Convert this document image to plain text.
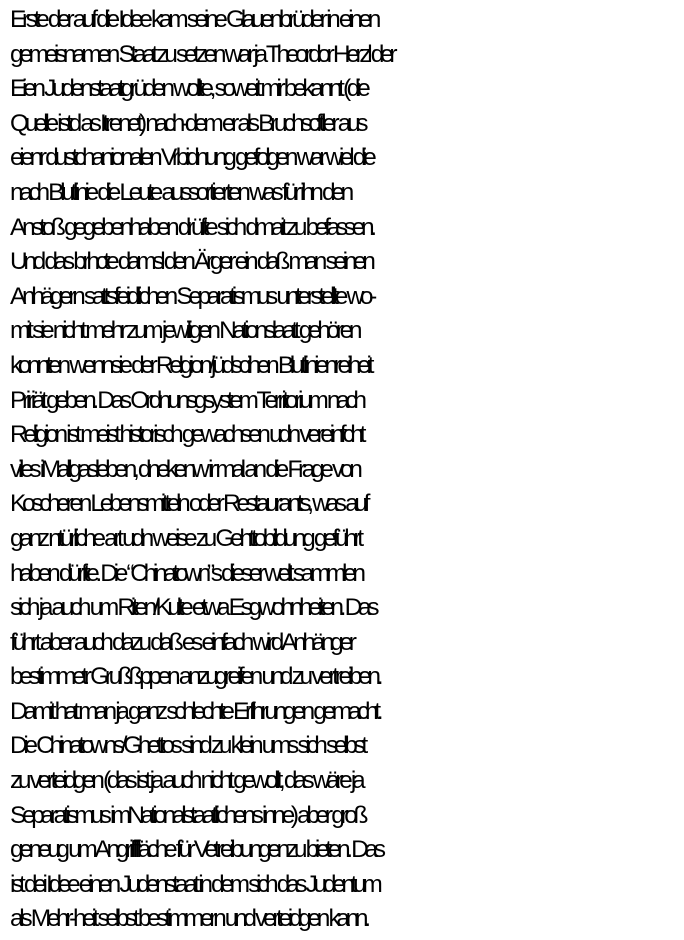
Erste der auf die Idee kam seine Glauenbrüder in einen
gemeisnamen Staat zu setzen war ja Theordor Herzl der
Eien Judenstaatgrüden wollte, soweit mir bekannt (die
Quelle istd as Itrenet) nach-dem er als Bruchscftler aus
eienr dustchanionalen Vrbidnung gefolgen war wiel die
nach Blutlinie die Leute aussortierten was für ihn den
Anstoß gegebenhaben drüfte sich dmait zu befassen.
Und das brhcte damsl den Ärger ein daß man seinen
Anhägern sattsfeidlichen Separatismus unterstellte wo-
mit sie nicht mehr zum jewiligen Nationslaatt gehören
konnten wennsie der Relgion/jüdscihen Blutlinienreiheit
Pririät geben. Das Ordnunsgsystem Territorium nach
Religion ist meist historisch gewachsen udn vereinfcht
viles iMallgasleben, dnekenw ir mal an die Frage von
Koscheren Lebensmitteln oder Restaurants, was auf
ganz ntürliche art udn weise zu Gehttobildung geführt
haben dürfte. Die “Chinatown”s dieser welt sammlen
sich ja auch um Riten/Kulte etwa Esgwohnheiten. Das
führt aber auch dazu daß es einfach wird Anhänger
bestimmetr Grußßppen anzugreifen und zu vertreiben.
Damit hat man ja ganz schlechte Erfhrungen gemacht.
Die Chinatowns/Ghettos sind zu klein ums sich selbst
zu verteidgen (das ist ja auch nicht gewollt, das wäre ja
Separatismus imNationalstaatlichens inne) aber groß
geneug um Angrifffläche für Vetreibungenzu bieten. Das
ist dei Idee einen Judenstaat in dem sich das Judentum
als Mehr-heit selbst bestimmern und verteidgen kann.
